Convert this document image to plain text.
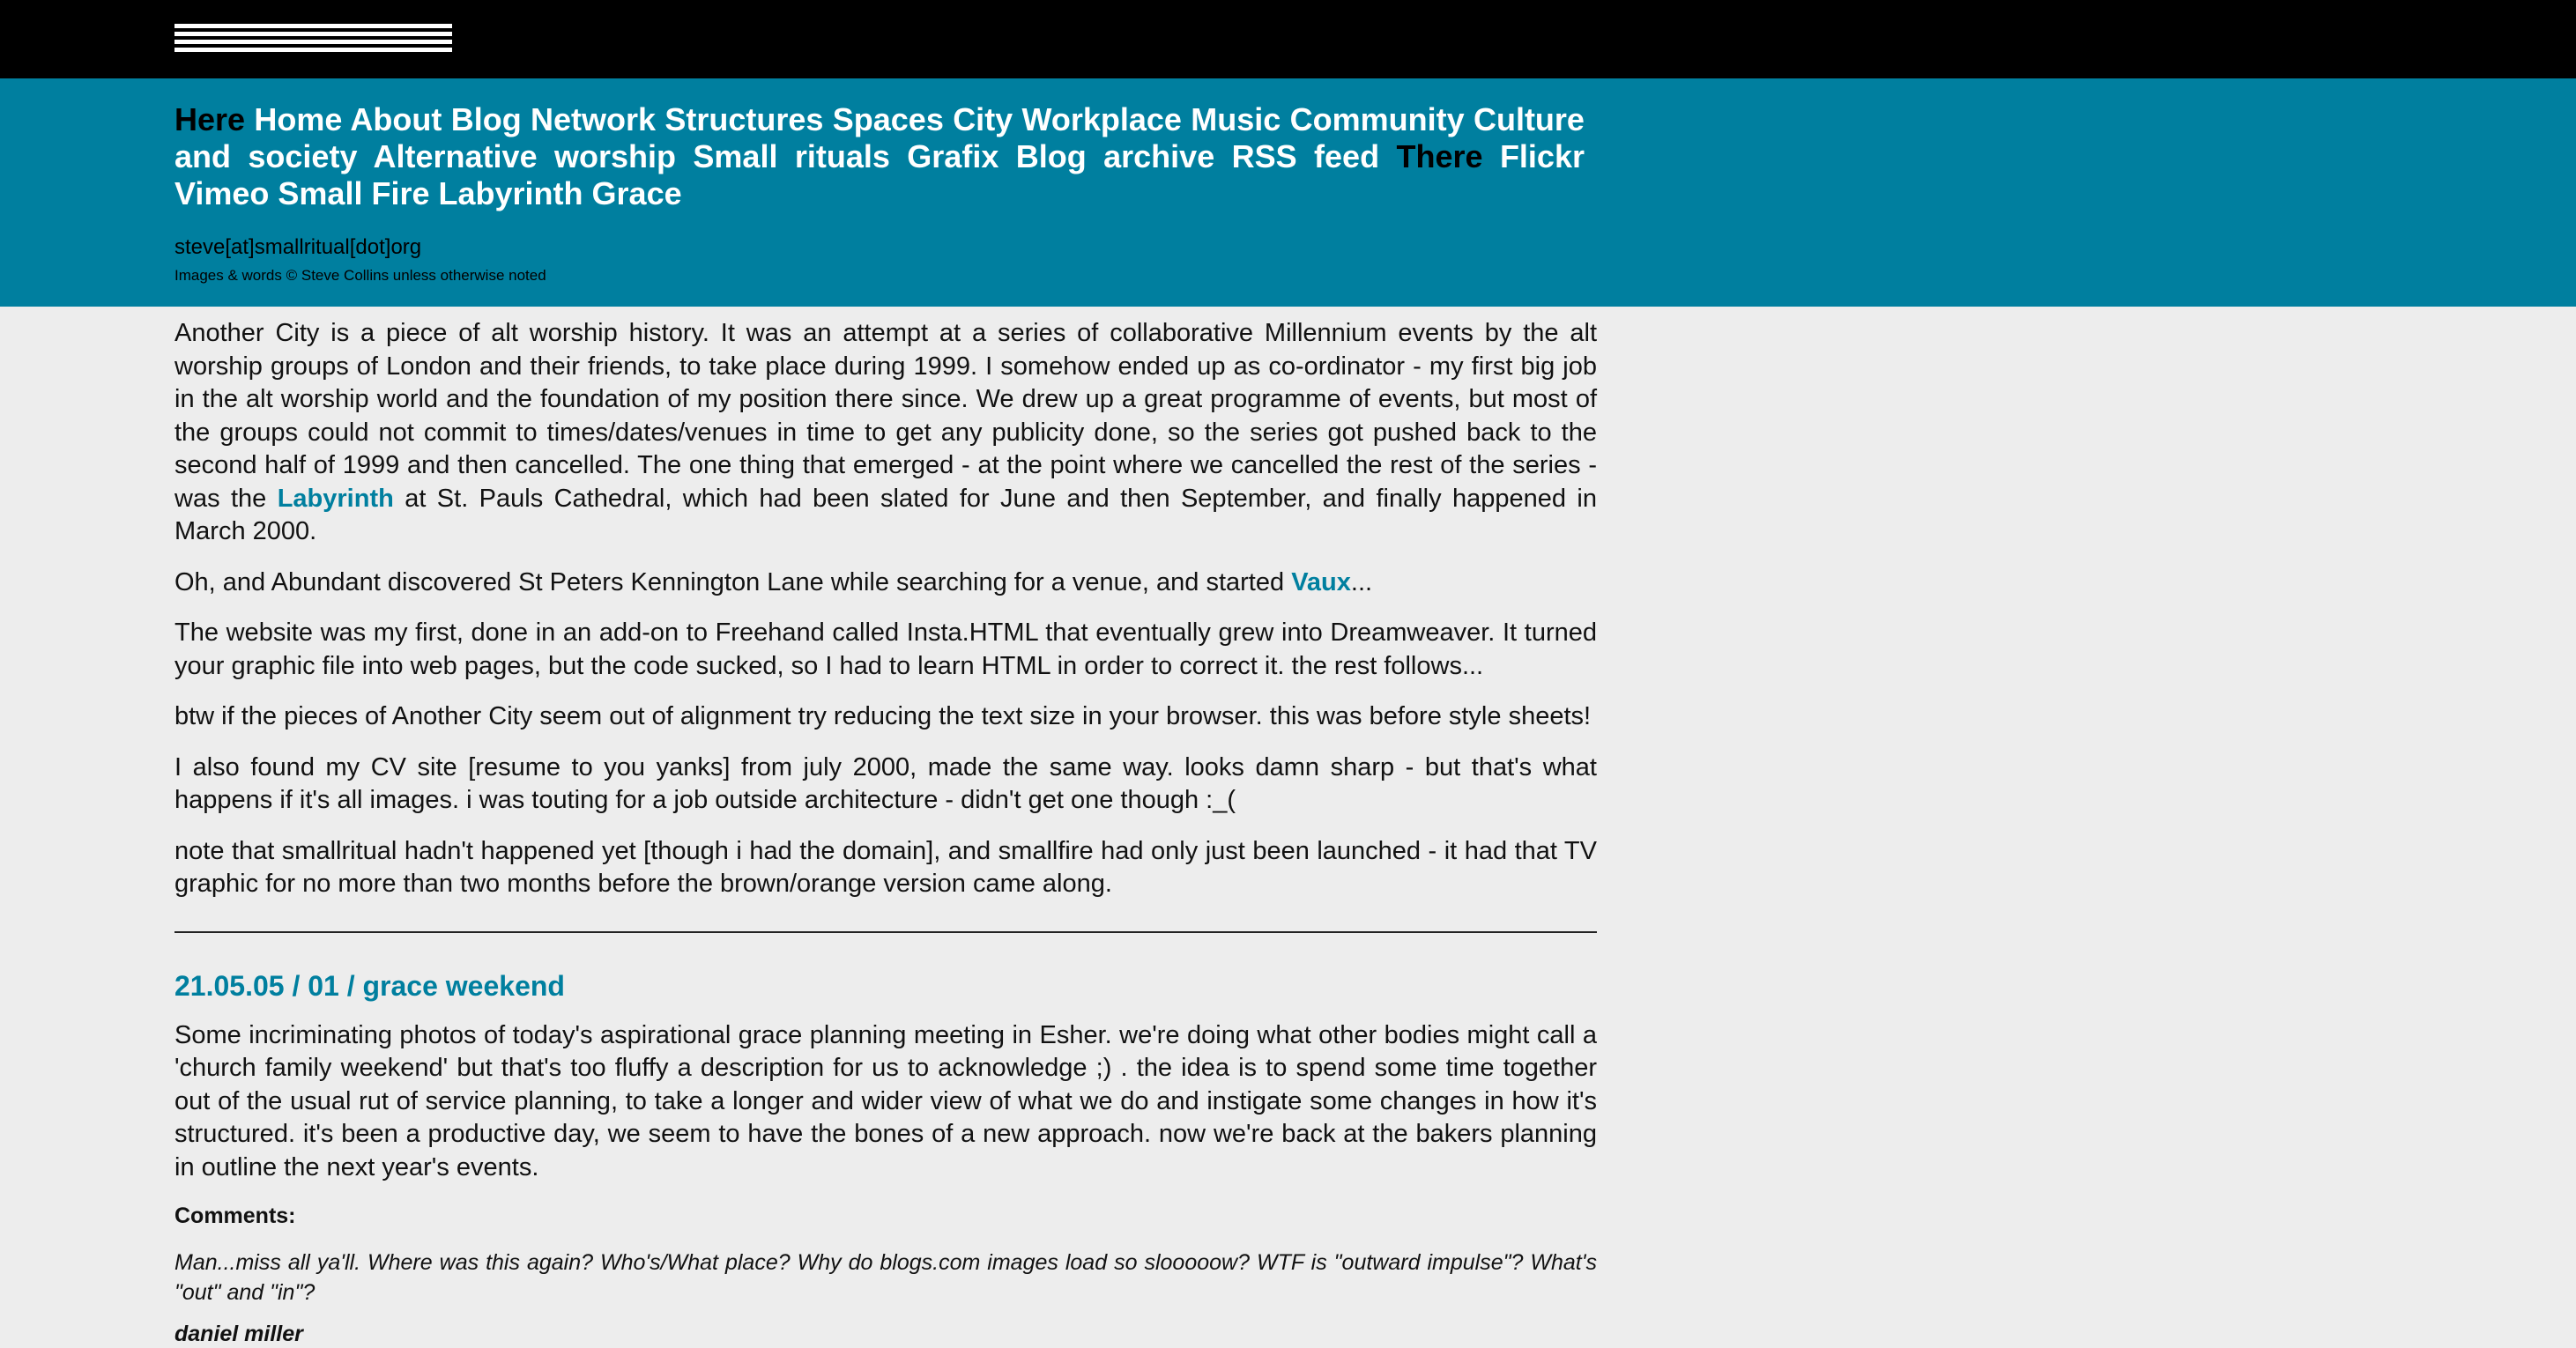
Here Home About Blog Network Structures Spaces City Workplace Music Community Culture and society Alternative worship Small rituals Grafix Blog archive RSS feed There Flickr Vimeo Small Fire Labyrinth Grace
steve[at]smallritual[dot]org
Images & words © Steve Collins unless otherwise noted

Another City is a piece of alt worship history. It was an attempt at a series of collaborative Millennium events by the alt worship groups of London and their friends, to take place during 1999. I somehow ended up as co-ordinator - my first big job in the alt worship world and the foundation of my position there since. We drew up a great programme of events, but most of the groups could not commit to times/dates/venues in time to get any publicity done, so the series got pushed back to the second half of 1999 and then cancelled. The one thing that emerged - at the point where we cancelled the rest of the series - was the Labyrinth at St. Pauls Cathedral, which had been slated for June and then September, and finally happened in March 2000.

Oh, and Abundant discovered St Peters Kennington Lane while searching for a venue, and started Vaux...

The website was my first, done in an add-on to Freehand called Insta.HTML that eventually grew into Dreamweaver. It turned your graphic file into web pages, but the code sucked, so I had to learn HTML in order to correct it. the rest follows...

btw if the pieces of Another City seem out of alignment try reducing the text size in your browser. this was before style sheets!

I also found my CV site [resume to you yanks] from july 2000, made the same way. looks damn sharp - but that's what happens if it's all images. i was touting for a job outside architecture - didn't get one though :_(

note that smallritual hadn't happened yet [though i had the domain], and smallfire had only just been launched - it had that TV graphic for no more than two months before the brown/orange version came along.

21.05.05 / 01 / grace weekend

Some incriminating photos of today's aspirational grace planning meeting in Esher. we're doing what other bodies might call a 'church family weekend' but that's too fluffy a description for us to acknowledge ;) . the idea is to spend some time together out of the usual rut of service planning, to take a longer and wider view of what we do and instigate some changes in how it's structured. it's been a productive day, we seem to have the bones of a new approach. now we're back at the bakers planning in outline the next year's events.

Comments:
Man...miss all ya'll. Where was this again? Who's/What place? Why do blogs.com images load so slooooow? WTF is "outward impulse"? What's "out" and "in"?
daniel miller
